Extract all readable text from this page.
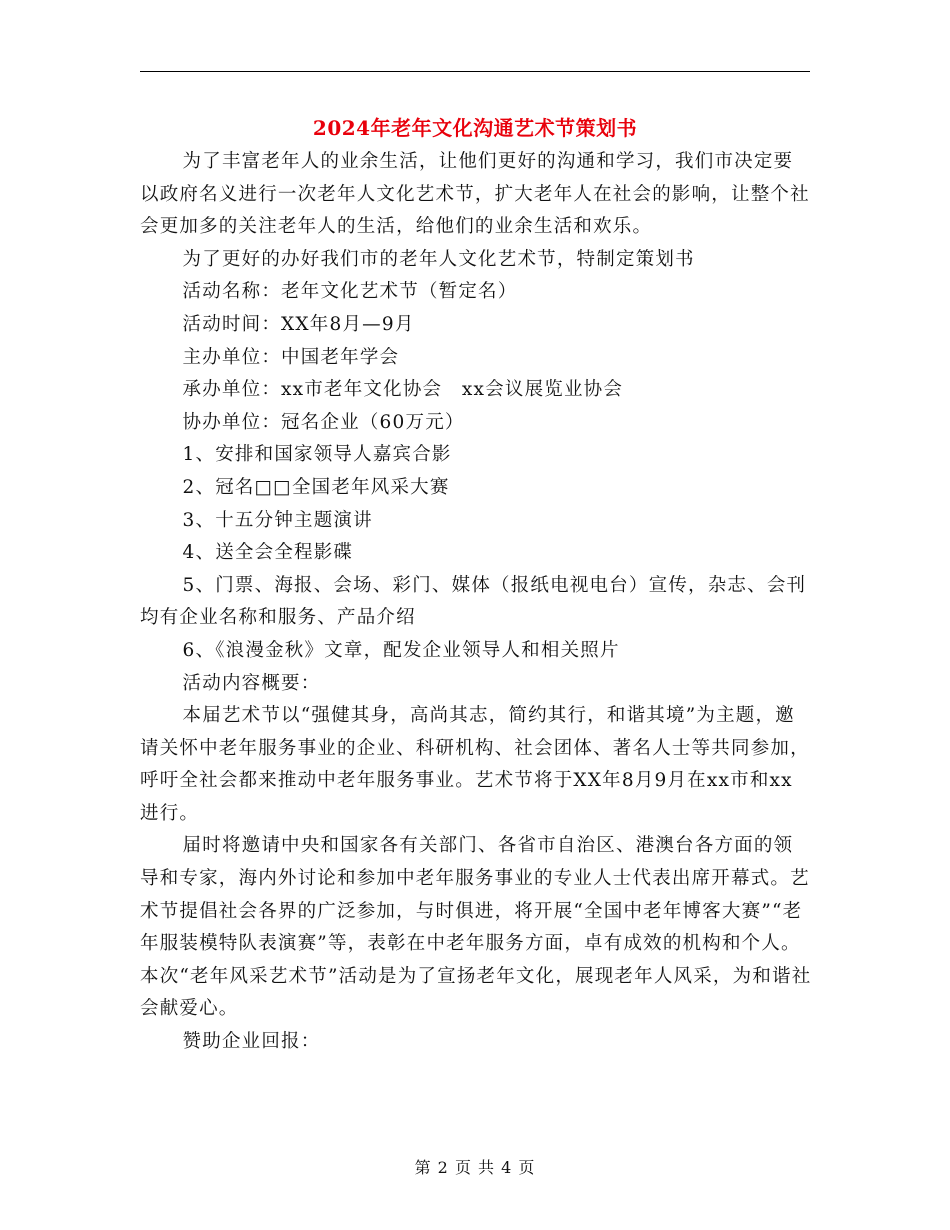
2024年老年文化沟通艺术节策划书

为了丰富老年人的业余生活，让他们更好的沟通和学习，我们市决定要以政府名义进行一次老年人文化艺术节，扩大老年人在社会的影响，让整个社会更加多的关注老年人的生活，给他们的业余生活和欢乐。

为了更好的办好我们市的老年人文化艺术节，特制定策划书

活动名称：老年文化艺术节（暂定名）

活动时间：XX年8月—9月

主办单位：中国老年学会

承办单位：xx市老年文化协会　xx会议展览业协会

协办单位：冠名企业（60万元）

1、安排和国家领导人嘉宾合影

2、冠名□□全国老年风采大赛

3、十五分钟主题演讲

4、送全会全程影碟

5、门票、海报、会场、彩门、媒体（报纸电视电台）宣传，杂志、会刊均有企业名称和服务、产品介绍

6、《浪漫金秋》文章，配发企业领导人和相关照片

活动内容概要：

本届艺术节以“强健其身，高尚其志，简约其行，和谐其境”为主题，邀请关怀中老年服务事业的企业、科研机构、社会团体、著名人士等共同参加，呼吁全社会都来推动中老年服务事业。艺术节将于XX年8月9月在xx市和xx进行。

届时将邀请中央和国家各有关部门、各省市自治区、港澳台各方面的领导和专家，海内外讨论和参加中老年服务事业的专业人士代表出席开幕式。艺术节提倡社会各界的广泛参加，与时俱进，将开展“全国中老年博客大赛”“老年服装模特队表演赛”等，表彰在中老年服务方面，卓有成效的机构和个人。本次“老年风采艺术节”活动是为了宣扬老年文化，展现老年人风采，为和谐社会献爱心。

赞助企业回报：

第 2 页 共 4 页
